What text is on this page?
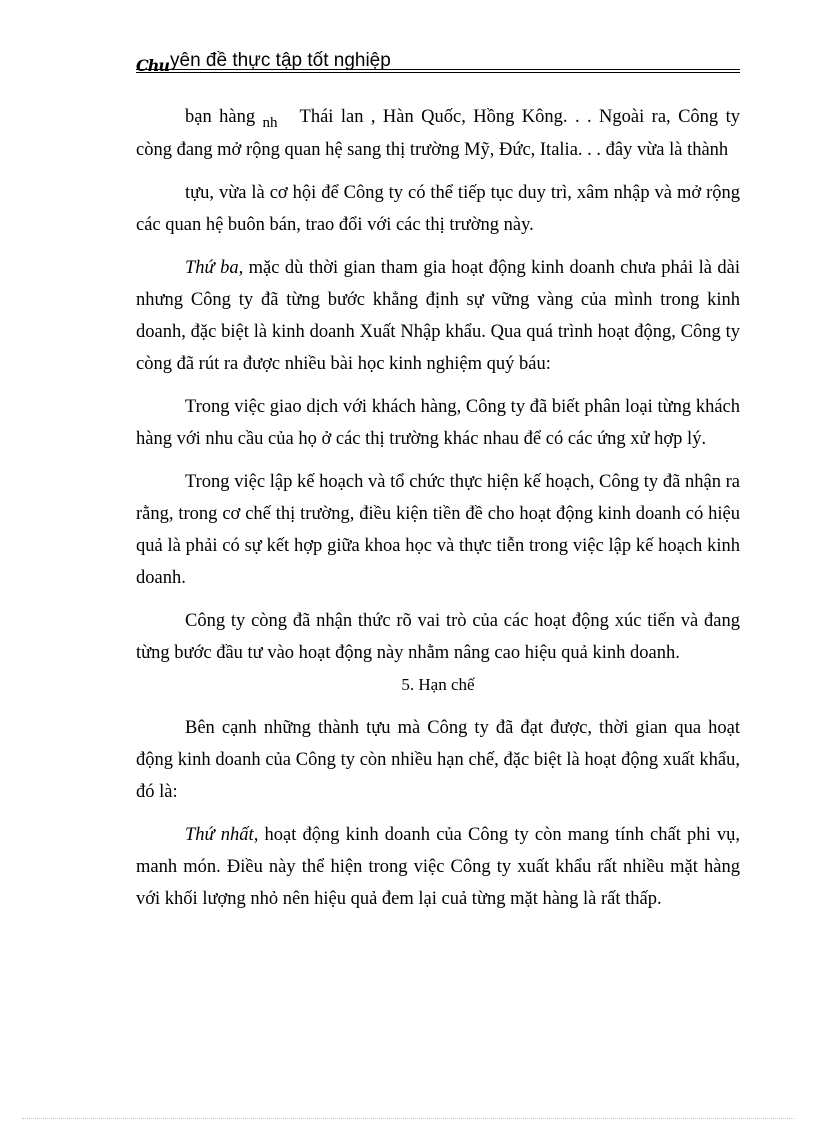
Chu yên đề thực tập tốt nghiệp

bạn hàng $_{nh}$ Thái lan , Hàn Quốc, Hồng Kông. . . Ngoài ra, Công ty còng đang mở rộng quan hệ sang thị trường Mỹ, Đức, Italia. . . đây vừa là thành

tựu, vừa là cơ hội để Công ty có thể tiếp tục duy trì, xâm nhập và mở rộng các quan hệ buôn bán, trao đổi với các thị trường này.

Thứ ba, mặc dù thời gian tham gia hoạt động kinh doanh chưa phải là dài nhưng Công ty đã từng bước khẳng định sự vững vàng của mình trong kinh doanh, đặc biệt là kinh doanh Xuất Nhập khẩu. Qua quá trình hoạt động, Công ty còng đã rút ra được nhiều bài học kinh nghiệm quý báu:

Trong việc giao dịch với khách hàng, Công ty đã biết phân loại từng khách hàng với nhu cầu của họ ở các thị trường khác nhau để có các ứng xử hợp lý.

Trong việc lập kế hoạch và tổ chức thực hiện kế hoạch, Công ty đã nhận ra rằng, trong cơ chế thị trường, điều kiện tiền đề cho hoạt động kinh doanh có hiệu quả là phải có sự kết hợp giữa khoa học và thực tiễn trong việc lập kế hoạch kinh doanh.

Công ty còng đã nhận thức rõ vai trò của các hoạt động xúc tiến và đang từng bước đầu tư vào hoạt động này nhằm nâng cao hiệu quả kinh doanh.

5. Hạn chế

Bên cạnh những thành tựu mà Công ty đã đạt được, thời gian qua hoạt động kinh doanh của Công ty còn nhiều hạn chế, đặc biệt là hoạt động xuất khẩu, đó là:

Thứ nhất, hoạt động kinh doanh của Công ty còn mang tính chất phi vụ, manh món. Điều này thể hiện trong việc Công ty xuất khẩu rất nhiều mặt hàng với khối lượng nhỏ nên hiệu quả đem lại cuả từng mặt hàng là rất thấp.
